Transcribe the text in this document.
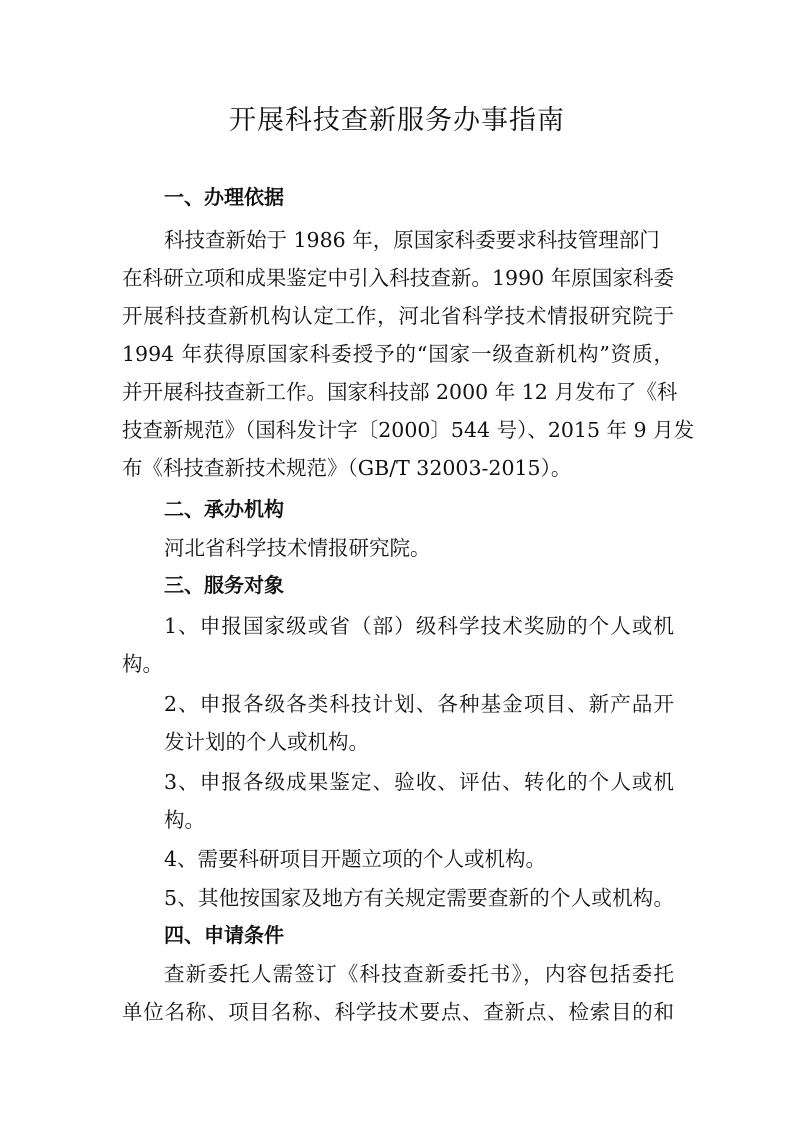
开展科技查新服务办事指南
一、办理依据
科技查新始于 1986 年，原国家科委要求科技管理部门
在科研立项和成果鉴定中引入科技查新。1990 年原国家科委
开展科技查新机构认定工作，河北省科学技术情报研究院于
1994 年获得原国家科委授予的“国家一级查新机构”资质，
并开展科技查新工作。国家科技部 2000 年 12 月发布了《科
技查新规范》（国科发计字〔2000〕544 号）、2015 年 9 月发
布《科技查新技术规范》（GB/T 32003-2015）。
二、承办机构
河北省科学技术情报研究院。
三、服务对象
1、申报国家级或省（部）级科学技术奖励的个人或机
构。
2、申报各级各类科技计划、各种基金项目、新产品开
发计划的个人或机构。
3、申报各级成果鉴定、验收、评估、转化的个人或机
构。
4、需要科研项目开题立项的个人或机构。
5、其他按国家及地方有关规定需要查新的个人或机构。
四、申请条件
查新委托人需签订《科技查新委托书》，内容包括委托
单位名称、项目名称、科学技术要点、查新点、检索目的和
